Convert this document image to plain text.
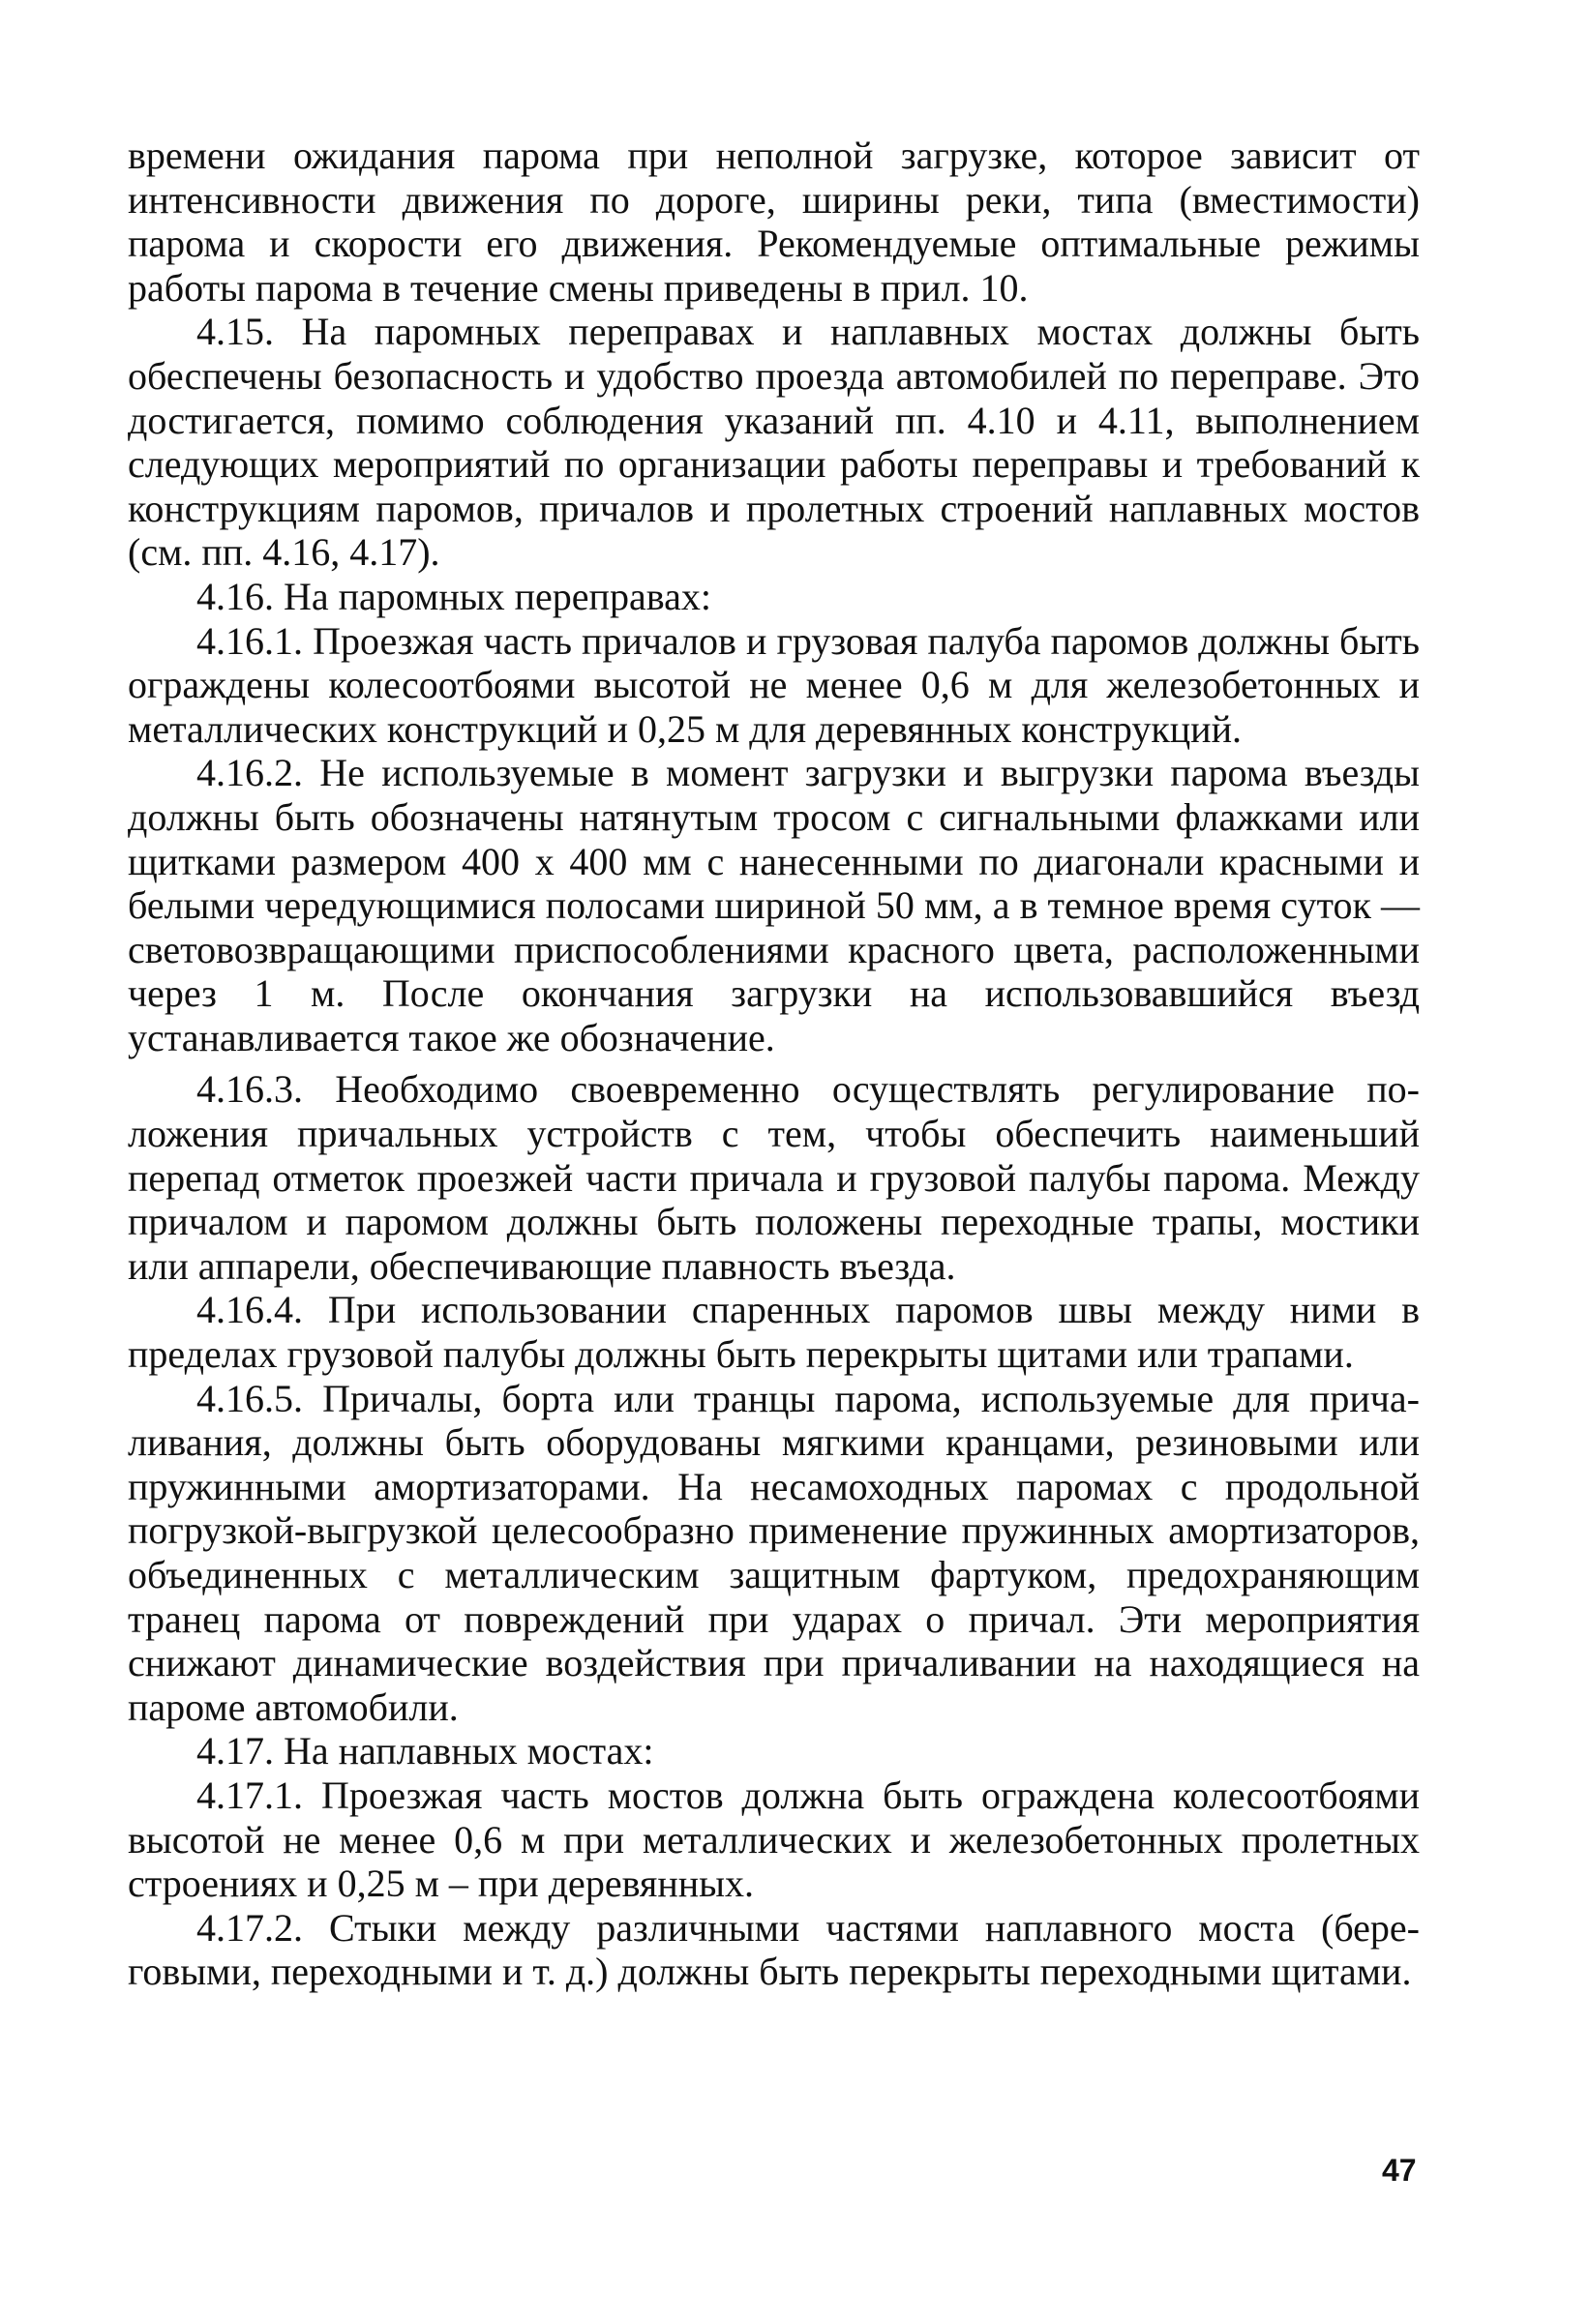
времени ожидания парома при неполной загрузке, которое зависит от интенсивности движения по дороге, ширины реки, типа (вместимости) парома и скорости его движения. Рекомендуемые оптимальные режимы работы парома в течение смены приведены в прил. 10.

4.15. На паромных переправах и наплавных мостах должны быть обеспечены безопасность и удобство проезда автомобилей по переправе. Это достигается, помимо соблюдения указаний пп. 4.10 и 4.11, выполнением следующих мероприятий по организации работы переправы и требований к конструкциям паромов, причалов и пролетных строений наплавных мостов (см. пп. 4.16, 4.17).

4.16. На паромных переправах:

4.16.1. Проезжая часть причалов и грузовая палуба паромов должны быть ограждены колесоотбоями высотой не менее 0,6 м для железобетонных и металлических конструкций и 0,25 м для деревянных конструкций.

4.16.2. Не используемые в момент загрузки и выгрузки парома въезды должны быть обозначены натянутым тросом с сигнальными флажками или щитками размером 400 х 400 мм с нанесенными по диагонали красными и белыми чередующимися полосами шириной 50 мм, а в темное время суток — световозвращающими приспособлениями красного цвета, расположенными через 1 м. После окончания загрузки на использовавшийся въезд устанавливается такое же обозначение.

4.16.3. Необходимо своевременно осуществлять регулирование положения причальных устройств с тем, чтобы обеспечить наименьший перепад отметок проезжей части причала и грузовой палубы парома. Между причалом и паромом должны быть положены переходные трапы, мостики или аппарели, обеспечивающие плавность въезда.

4.16.4. При использовании спаренных паромов швы между ними в пределах грузовой палубы должны быть перекрыты щитами или трапами.

4.16.5. Причалы, борта или транцы парома, используемые для причаливания, должны быть оборудованы мягкими кранцами, резиновыми или пружинными амортизаторами. На несамоходных паромах с продольной погрузкой-выгрузкой целесообразно применение пружинных амортизаторов, объединенных с металлическим защитным фартуком, предохраняющим транец парома от повреждений при ударах о причал. Эти мероприятия снижают динамические воздействия при причаливании на находящиеся на пароме автомобили.

4.17. На наплавных мостах:

4.17.1. Проезжая часть мостов должна быть ограждена колесоотбоями высотой не менее 0,6 м при металлических и железобетонных пролетных строениях и 0,25 м – при деревянных.

4.17.2. Стыки между различными частями наплавного моста (береговыми, переходными и т. д.) должны быть перекрыты переходными щитами.

47
